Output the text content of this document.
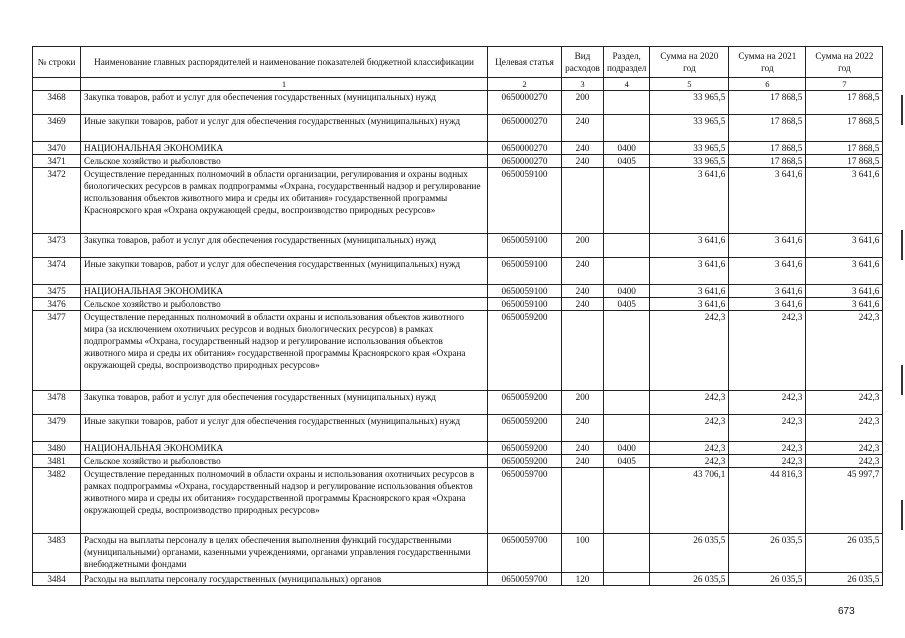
№ строки	Наименование главных распорядителей и наименование показателей бюджетной классификации	Целевая статья	Вид расходов	Раздел, подраздел	Сумма на 2020 год	Сумма на 2021 год	Сумма на 2022 год
	1	2	3	4	5	6	7
3468	Закупка товаров, работ и услуг для обеспечения государственных (муниципальных) нужд	0650000270	200		33 965,5	17 868,5	17 868,5
3469	Иные закупки товаров, работ и услуг для обеспечения государственных (муниципальных) нужд	0650000270	240		33 965,5	17 868,5	17 868,5
3470	НАЦИОНАЛЬНАЯ ЭКОНОМИКА	0650000270	240	0400	33 965,5	17 868,5	17 868,5
3471	Сельское хозяйство и рыболовство	0650000270	240	0405	33 965,5	17 868,5	17 868,5
3472	Осуществление переданных полномочий в области организации, регулирования и охраны водных биологических ресурсов в рамках подпрограммы «Охрана, государственный надзор и регулирование использования объектов животного мира и среды их обитания» государственной программы Красноярского края «Охрана окружающей среды, воспроизводство природных ресурсов»	0650059100			3 641,6	3 641,6	3 641,6
3473	Закупка товаров, работ и услуг для обеспечения государственных (муниципальных) нужд	0650059100	200		3 641,6	3 641,6	3 641,6
3474	Иные закупки товаров, работ и услуг для обеспечения государственных (муниципальных) нужд	0650059100	240		3 641,6	3 641,6	3 641,6
3475	НАЦИОНАЛЬНАЯ ЭКОНОМИКА	0650059100	240	0400	3 641,6	3 641,6	3 641,6
3476	Сельское хозяйство и рыболовство	0650059100	240	0405	3 641,6	3 641,6	3 641,6
3477	Осуществление переданных полномочий в области охраны и использования объектов животного мира (за исключением охотничьих ресурсов и водных биологических ресурсов) в рамках подпрограммы «Охрана, государственный надзор и регулирование использования объектов животного мира и среды их обитания» государственной программы Красноярского края «Охрана окружающей среды, воспроизводство природных ресурсов»	0650059200			242,3	242,3	242,3
3478	Закупка товаров, работ и услуг для обеспечения государственных (муниципальных) нужд	0650059200	200		242,3	242,3	242,3
3479	Иные закупки товаров, работ и услуг для обеспечения государственных (муниципальных) нужд	0650059200	240		242,3	242,3	242,3
3480	НАЦИОНАЛЬНАЯ ЭКОНОМИКА	0650059200	240	0400	242,3	242,3	242,3
3481	Сельское хозяйство и рыболовство	0650059200	240	0405	242,3	242,3	242,3
3482	Осуществление переданных полномочий в области охраны и использования охотничьих ресурсов в рамках подпрограммы «Охрана, государственный надзор и регулирование использования объектов животного мира и среды их обитания» государственной программы Красноярского края «Охрана окружающей среды, воспроизводство природных ресурсов»	0650059700			43 706,1	44 816,3	45 997,7
3483	Расходы на выплаты персоналу в целях обеспечения выполнения функций государственными (муниципальными) органами, казенными учреждениями, органами управления государственными внебюджетными фондами	0650059700	100		26 035,5	26 035,5	26 035,5
3484	Расходы на выплаты персоналу государственных (муниципальных) органов	0650059700	120		26 035,5	26 035,5	26 035,5
673
